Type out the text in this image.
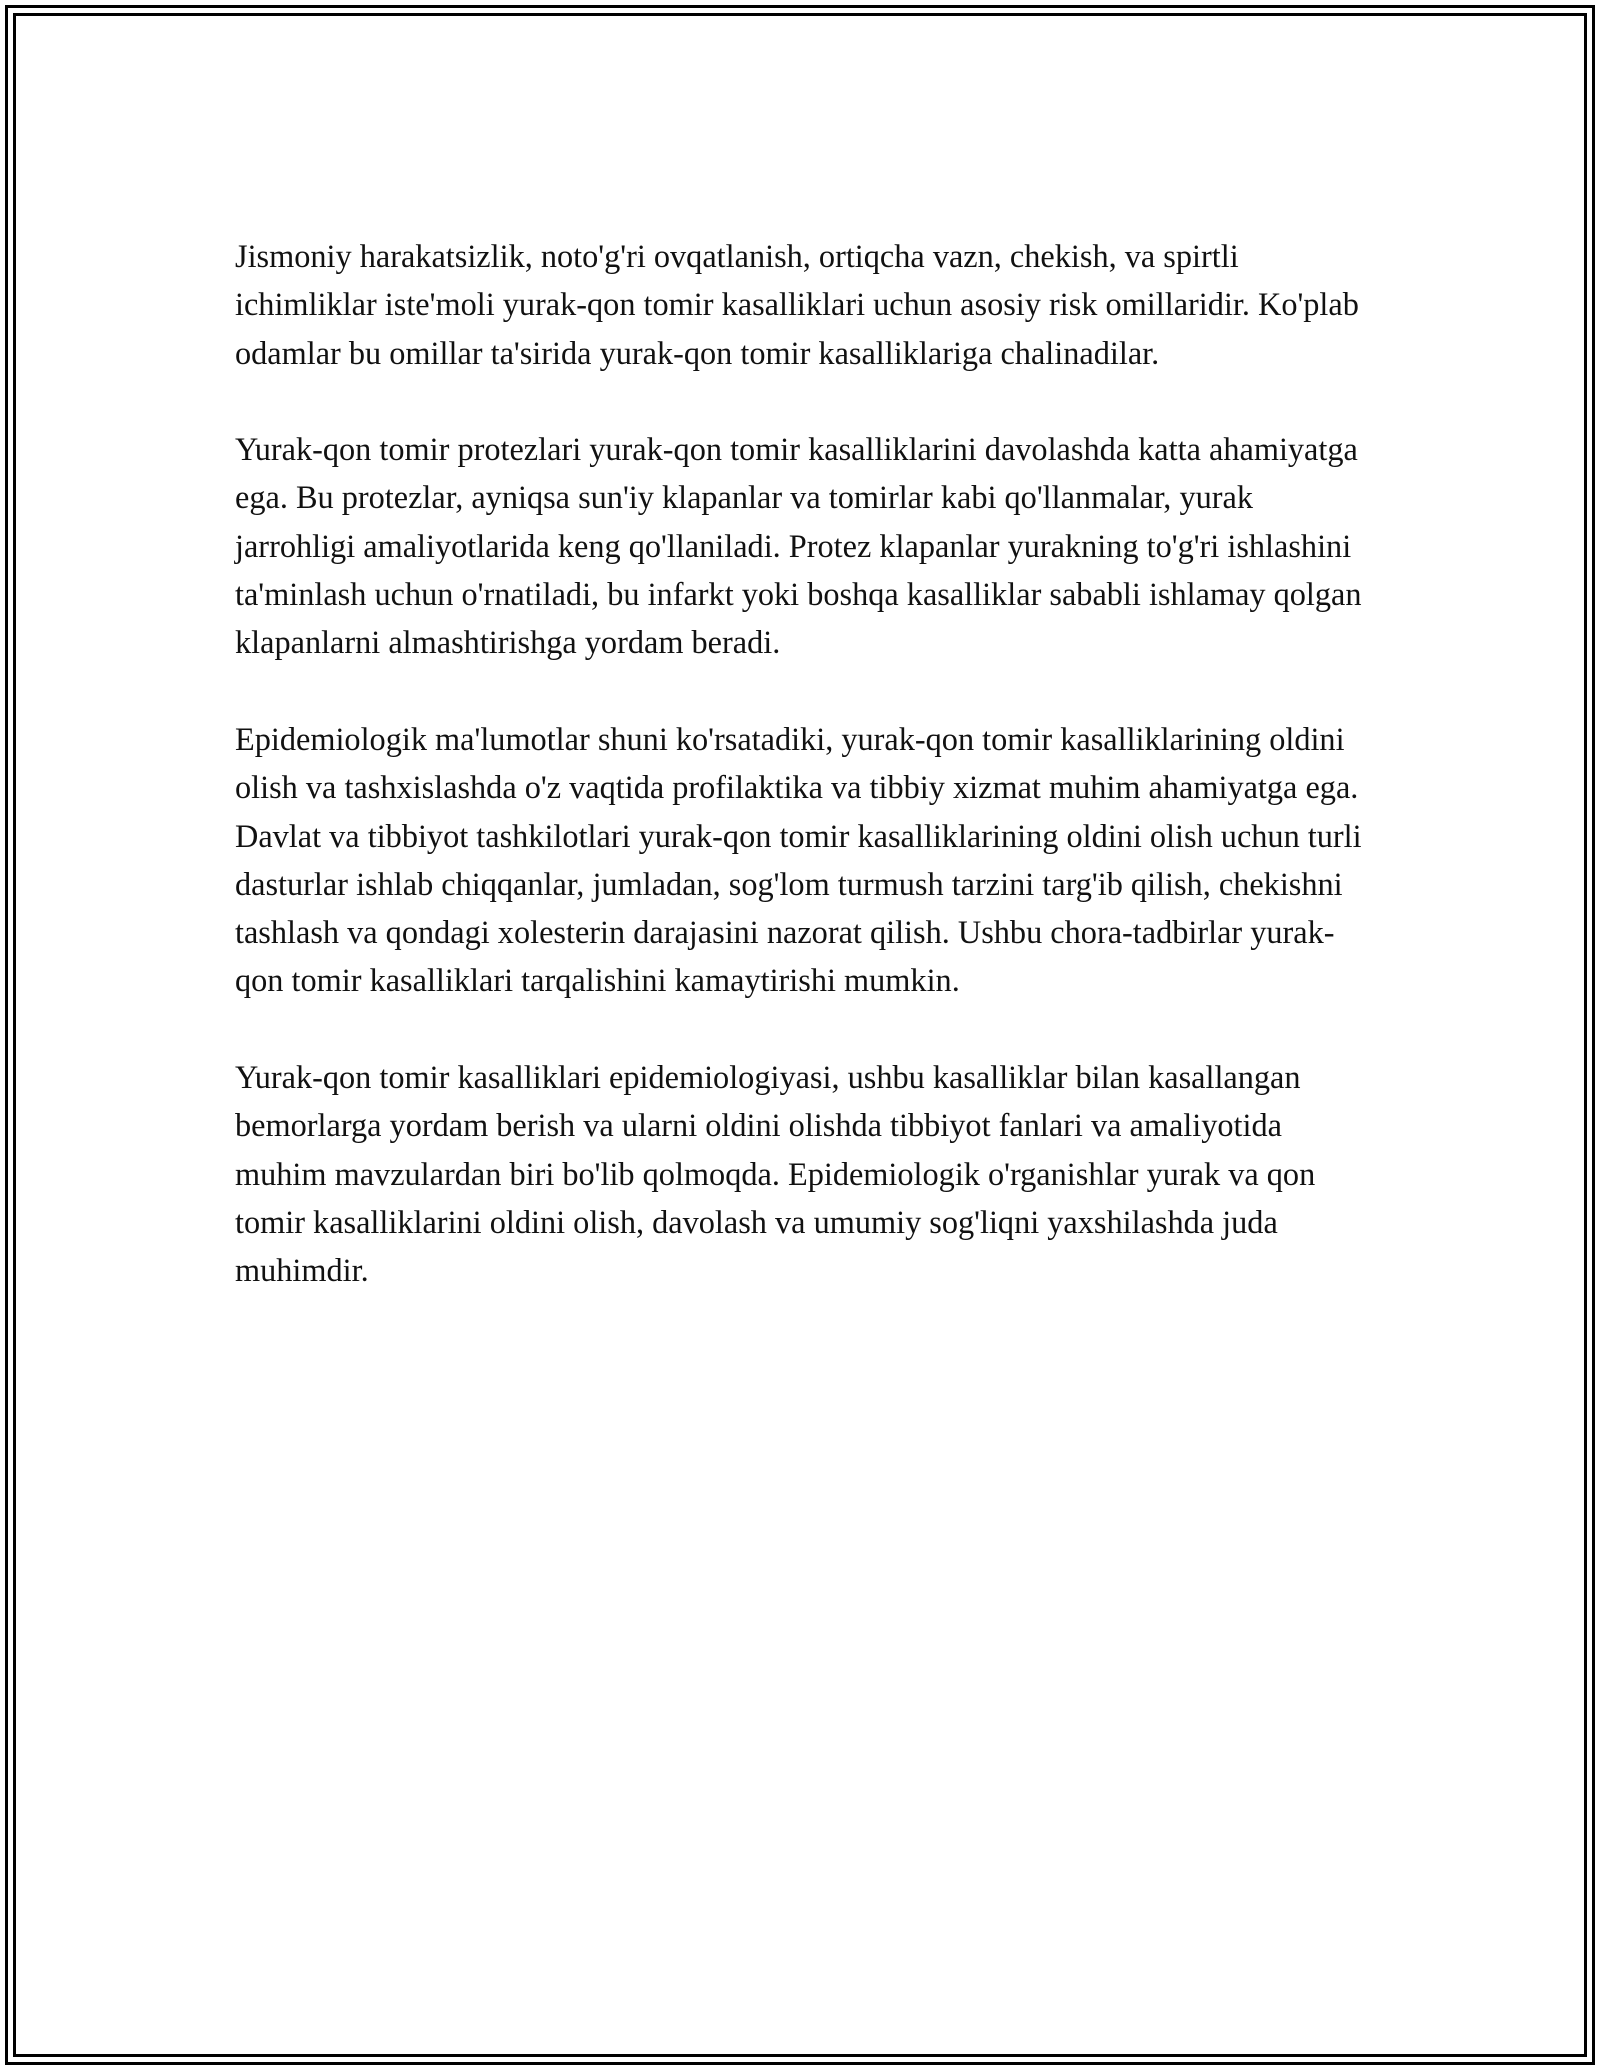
Jismoniy harakatsizlik, noto'g'ri ovqatlanish, ortiqcha vazn, chekish, va spirtli ichimliklar iste'moli yurak-qon tomir kasalliklari uchun asosiy risk omillaridir. Ko'plab odamlar bu omillar ta'sirida yurak-qon tomir kasalliklariga chalinadilar.

Yurak-qon tomir protezlari yurak-qon tomir kasalliklarini davolashda katta ahamiyatga ega. Bu protezlar, ayniqsa sun'iy klapanlar va tomirlar kabi qo'llanmalar, yurak jarrohligi amaliyotlarida keng qo'llaniladi. Protez klapanlar yurakning to'g'ri ishlashini ta'minlash uchun o'rnatiladi, bu infarkt yoki boshqa kasalliklar sababli ishlamay qolgan klapanlarni almashtirishga yordam beradi.

Epidemiologik ma'lumotlar shuni ko'rsatadiki, yurak-qon tomir kasalliklarining oldini olish va tashxislashda o'z vaqtida profilaktika va tibbiy xizmat muhim ahamiyatga ega. Davlat va tibbiyot tashkilotlari yurak-qon tomir kasalliklarining oldini olish uchun turli dasturlar ishlab chiqqanlar, jumladan, sog'lom turmush tarzini targ'ib qilish, chekishni tashlash va qondagi xolesterin darajasini nazorat qilish. Ushbu chora-tadbirlar yurak-qon tomir kasalliklari tarqalishini kamaytirishi mumkin.

Yurak-qon tomir kasalliklari epidemiologiyasi, ushbu kasalliklar bilan kasallangan bemorlarga yordam berish va ularni oldini olishda tibbiyot fanlari va amaliyotida muhim mavzulardan biri bo'lib qolmoqda. Epidemiologik o'rganishlar yurak va qon tomir kasalliklarini oldini olish, davolash va umumiy sog'liqni yaxshilashda juda muhimdir.
